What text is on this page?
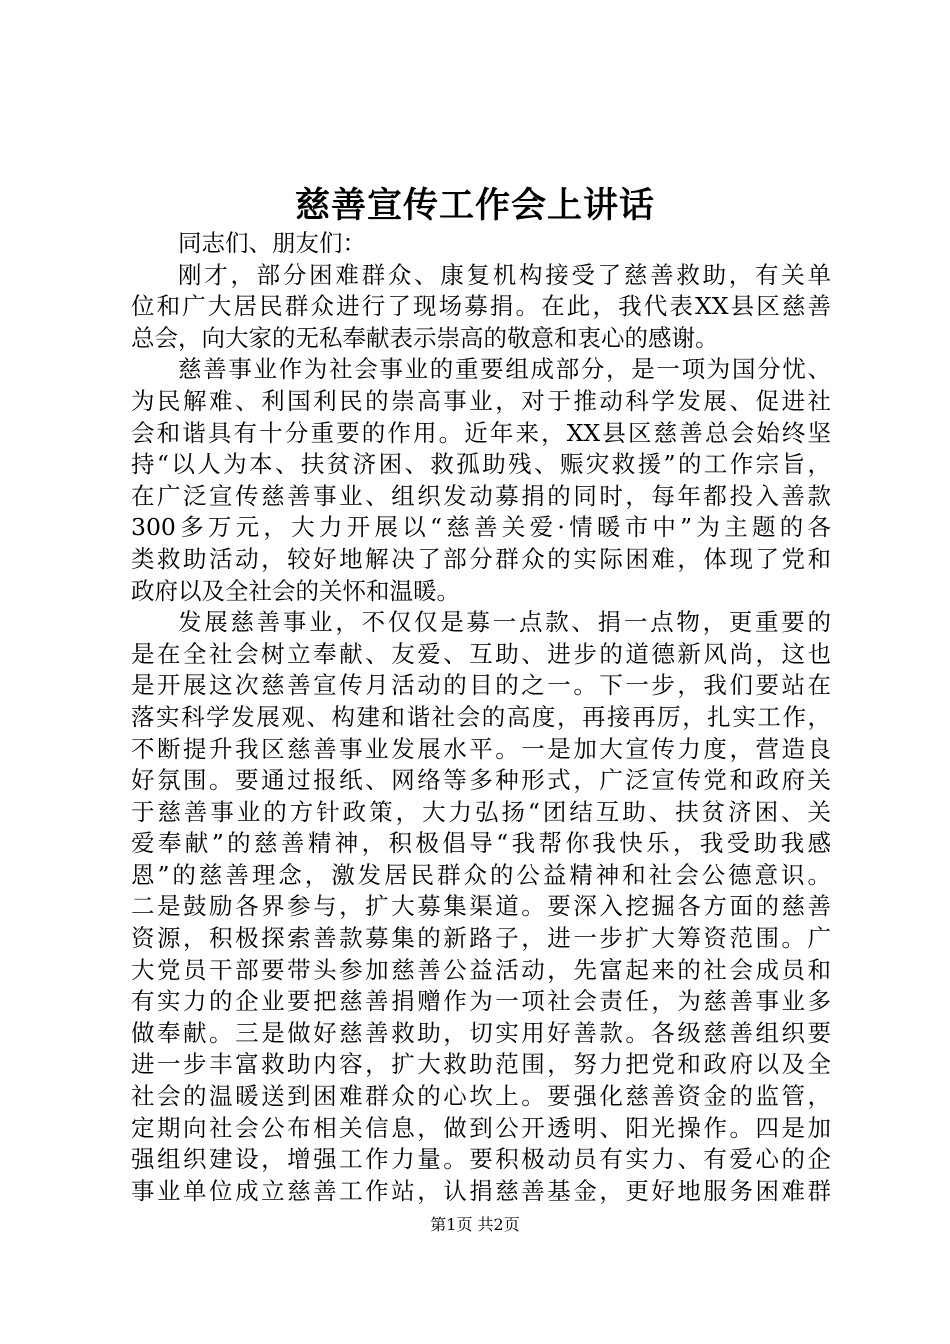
慈善宣传工作会上讲话
同志们、朋友们：
刚才，部分困难群众、康复机构接受了慈善救助，有关单
位和广大居民群众进行了现场募捐。在此，我代表XX县区慈善
总会，向大家的无私奉献表示崇高的敬意和衷心的感谢。
慈善事业作为社会事业的重要组成部分，是一项为国分忧、
为民解难、利国利民的崇高事业，对于推动科学发展、促进社
会和谐具有十分重要的作用。近年来，XX县区慈善总会始终坚
持“以人为本、扶贫济困、救孤助残、赈灾救援”的工作宗旨，
在广泛宣传慈善事业、组织发动募捐的同时，每年都投入善款
300多万元，大力开展以“慈善关爱·情暖市中”为主题的各
类救助活动，较好地解决了部分群众的实际困难，体现了党和
政府以及全社会的关怀和温暖。
发展慈善事业，不仅仅是募一点款、捐一点物，更重要的
是在全社会树立奉献、友爱、互助、进步的道德新风尚，这也
是开展这次慈善宣传月活动的目的之一。下一步，我们要站在
落实科学发展观、构建和谐社会的高度，再接再厉，扎实工作，
不断提升我区慈善事业发展水平。一是加大宣传力度，营造良
好氛围。要通过报纸、网络等多种形式，广泛宣传党和政府关
于慈善事业的方针政策，大力弘扬“团结互助、扶贫济困、关
爱奉献”的慈善精神，积极倡导“我帮你我快乐，我受助我感
恩”的慈善理念，激发居民群众的公益精神和社会公德意识。
二是鼓励各界参与，扩大募集渠道。要深入挖掘各方面的慈善
资源，积极探索善款募集的新路子，进一步扩大筹资范围。广
大党员干部要带头参加慈善公益活动，先富起来的社会成员和
有实力的企业要把慈善捐赠作为一项社会责任，为慈善事业多
做奉献。三是做好慈善救助，切实用好善款。各级慈善组织要
进一步丰富救助内容，扩大救助范围，努力把党和政府以及全
社会的温暖送到困难群众的心坎上。要强化慈善资金的监管，
定期向社会公布相关信息，做到公开透明、阳光操作。四是加
强组织建设，增强工作力量。要积极动员有实力、有爱心的企
事业单位成立慈善工作站，认捐慈善基金，更好地服务困难群
第1页 共2页
